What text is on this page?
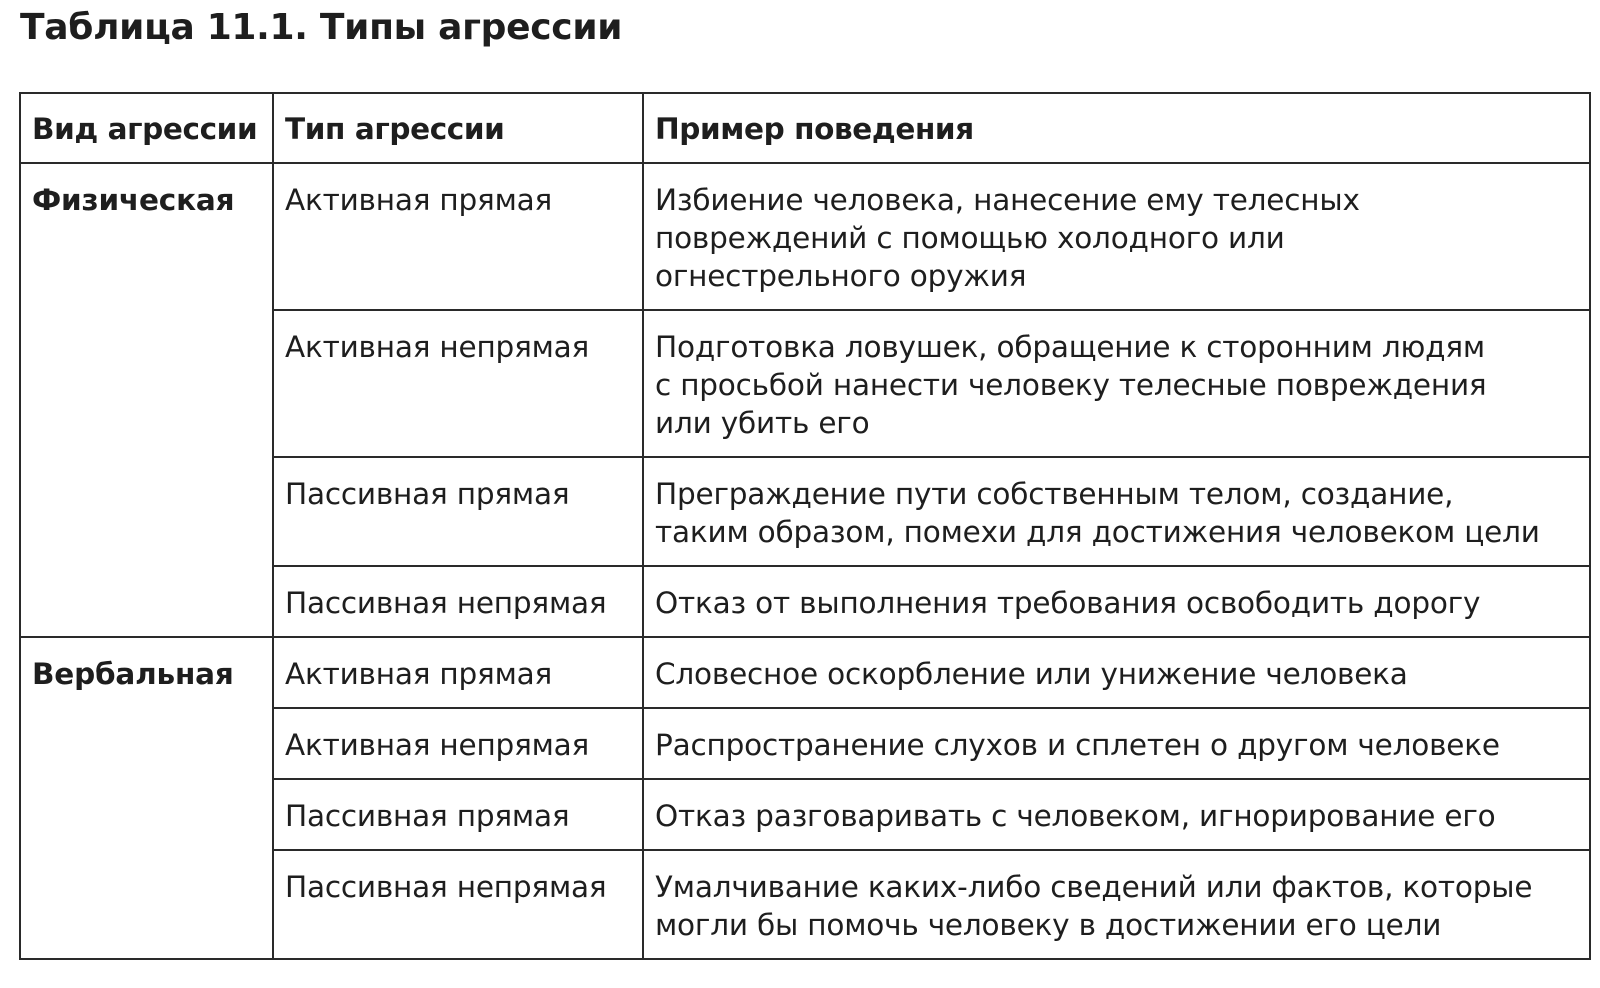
Таблица 11.1. Типы агрессии
Вид агрессии	Тип агрессии	Пример поведения
Физическая	Активная прямая	Избиение человека, нанесение ему телесных
повреждений с помощью холодного или
огнестрельного оружия

	Активная непрямая	Подготовка ловушек, обращение к сторонним людям
с просьбой нанести человеку телесные повреждения
или убить его

	Пассивная прямая	Преграждение пути собственным телом, создание,
таким образом, помехи для достижения человеком цели

	Пассивная непрямая	Отказ от выполнения требования освободить дорогу

Вербальная	Активная прямая	Словесное оскорбление или унижение человека

	Активная непрямая	Распространение слухов и сплетен о другом человеке

	Пассивная прямая	Отказ разговаривать с человеком, игнорирование его

	Пассивная непрямая	Умалчивание каких-либо сведений или фактов, которые
могли бы помочь человеку в достижении его цели
